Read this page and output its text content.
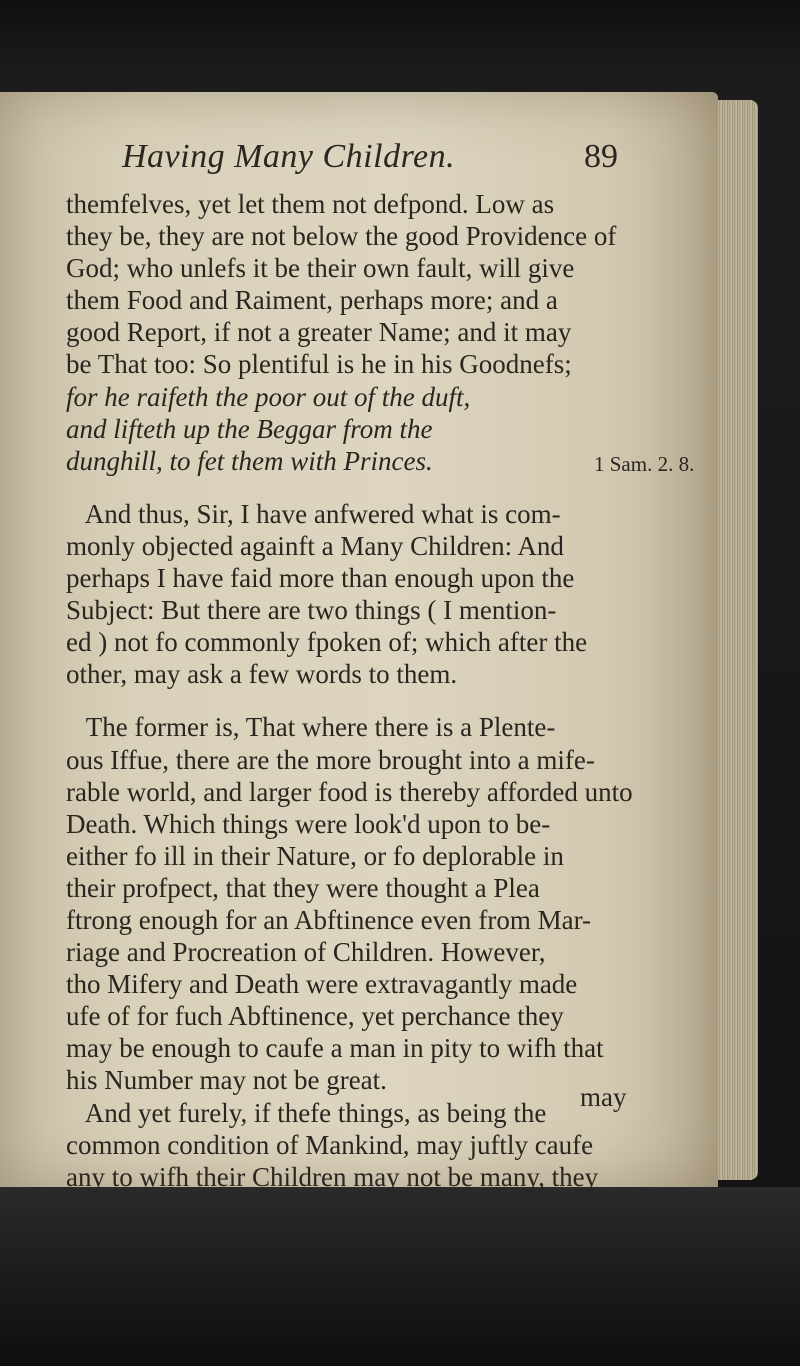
Having Many Children.	89
1 Sam. 2. 8.

themfelves, yet let them not defpond. Low as
they be, they are not below the good Providence of
God; who unlefs it be their own fault, will give
them Food and Raiment, perhaps more; and a
good Report, if not a greater Name; and it may
be That too: So plentiful is he in his Goodnefs;
for he raifeth the poor out of the duft,
and lifteth up the Beggar from the
dunghill, to fet them with Princes.

And thus, Sir, I have anfwered what is com-
monly objected againft a Many Children: And
perhaps I have faid more than enough upon the
Subject: But there are two things ( I mention-
ed ) not fo commonly fpoken of; which after the
other, may ask a few words to them.

The former is, That where there is a Plente-
ous Iffue, there are the more brought into a mife-
rable world, and larger food is thereby afforded unto
Death. Which things were look'd upon to be-
either fo ill in their Nature, or fo deplorable in
their profpect, that they were thought a Plea
ftrong enough for an Abftinence even from Mar-
riage and Procreation of Children. However,
tho Mifery and Death were extravagantly made
ufe of for fuch Abftinence, yet perchance they
may be enough to caufe a man in pity to wifh that
his Number may not be great.
And yet furely, if thefe things, as being the
common condition of Mankind, may juftly caufe
any to wifh their Children may not be many, they

may
